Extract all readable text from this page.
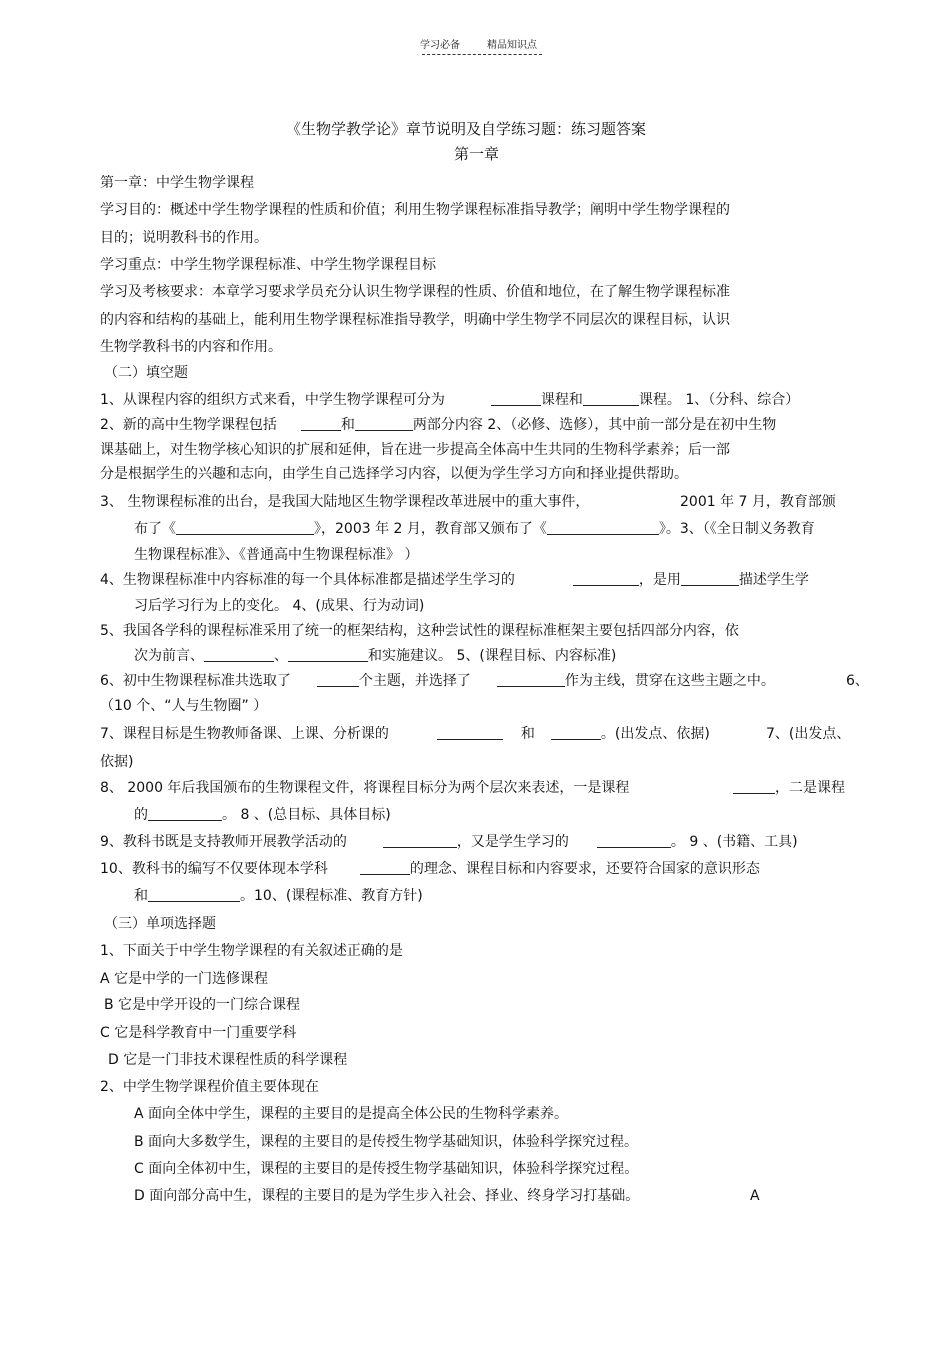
学习必备	精品知识点
《生物学教学论》章节说明及自学练习题：练习题答案
第一章
第一章：中学生物学课程
学习目的：概述中学生物学课程的性质和价值；利用生物学课程标准指导教学；阐明中学生物学课程的
目的；说明教科书的作用。
学习重点：中学生物学课程标准、中学生物学课程目标
学习及考核要求：本章学习要求学员充分认识生物学课程的性质、价值和地位，在了解生物学课程标准
的内容和结构的基础上，能利用生物学课程标准指导教学，明确中学生物学不同层次的课程目标，认识
生物学教科书的内容和作用。
（二）填空题
1、从课程内容的组织方式来看，中学生物学课程可分为	课程和	课程。 1、（分科、综合）
2、新的高中生物学课程包括	和	两部分内容 2、（必修、选修），其中前一部分是在初中生物
课基础上，对生物学核心知识的扩展和延伸，旨在进一步提高全体高中生共同的生物科学素养；后一部
分是根据学生的兴趣和志向，由学生自己选择学习内容，以便为学生学习方向和择业提供帮助。
3、 生物课程标准的出台，是我国大陆地区生物学课程改革进展中的重大事件，	2001 年 7 月，教育部颁
布了《	》，2003 年 2 月，教育部又颁布了《	》。3、（《全日制义务教育
生物课程标准》、《普通高中生物课程标准》 ）
4、生物课程标准中内容标准的每一个具体标准都是描述学生学习的	，是用	描述学生学
习后学习行为上的变化。 4、(成果、行为动词)
5、我国各学科的课程标准采用了统一的框架结构，这种尝试性的课程标准框架主要包括四部分内容，依
次为前言、	、	和实施建议。 5、(课程目标、内容标准)
6、初中生物课程标准共选取了	个主题，并选择了	作为主线，贯穿在这些主题之中。	6、
（10 个、“人与生物圈” ）
7、课程目标是生物教师备课、上课、分析课的	和	。(出发点、依据)	7、(出发点、
依据)
8、 2000 年后我国颁布的生物课程文件，将课程目标分为两个层次来表述，一是课程	，二是课程
的	。 8 、(总目标、具体目标)
9、教科书既是支持教师开展教学活动的	，又是学生学习的	。 9 、(书籍、工具)
10、教科书的编写不仅要体现本学科	的理念、课程目标和内容要求，还要符合国家的意识形态
和	。10、(课程标准、教育方针)
（三）单项选择题
1、下面关于中学生物学课程的有关叙述正确的是
A 它是中学的一门选修课程
B 它是中学开设的一门综合课程
C 它是科学教育中一门重要学科
D 它是一门非技术课程性质的科学课程
2、中学生物学课程价值主要体现在
A 面向全体中学生，课程的主要目的是提高全体公民的生物科学素养。
B 面向大多数学生，课程的主要目的是传授生物学基础知识，体验科学探究过程。
C 面向全体初中生，课程的主要目的是传授生物学基础知识，体验科学探究过程。
D 面向部分高中生，课程的主要目的是为学生步入社会、择业、终身学习打基础。	A
